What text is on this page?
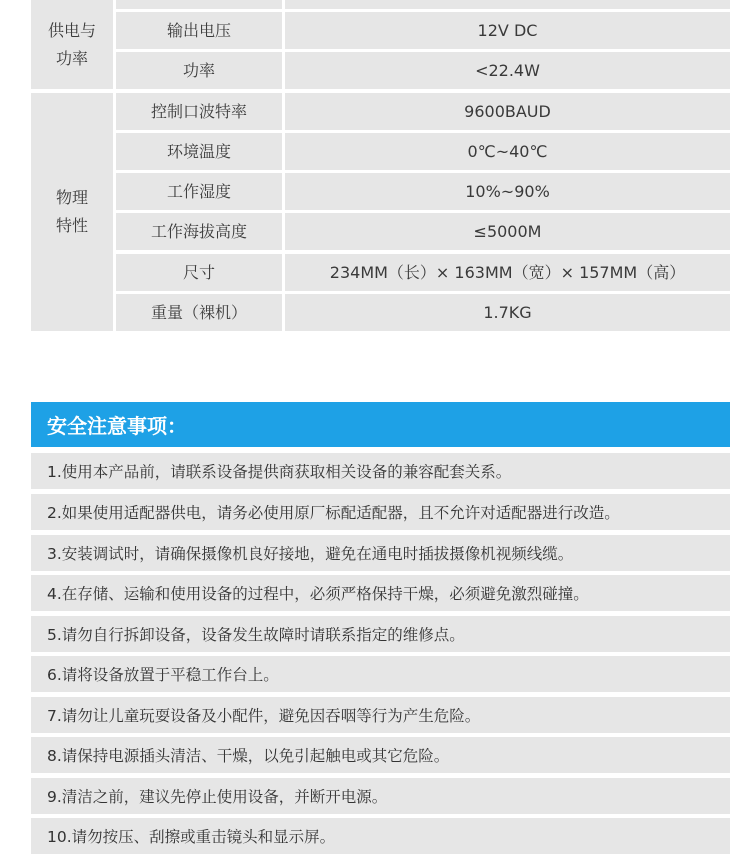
供电与
功率
输出电压	12V DC
功率	<22.4W
物理
特性
控制口波特率	9600BAUD
环境温度	0℃~40℃
工作湿度	10%~90%
工作海拔高度	≤5000M
尺寸	234MM（长）× 163MM（宽）× 157MM（高）
重量（裸机）	1.7KG
安全注意事项：
1.使用本产品前，请联系设备提供商获取相关设备的兼容配套关系。
2.如果使用适配器供电，请务必使用原厂标配适配器，且不允许对适配器进行改造。
3.安装调试时，请确保摄像机良好接地，避免在通电时插拔摄像机视频线缆。
4.在存储、运输和使用设备的过程中，必须严格保持干燥，必须避免激烈碰撞。
5.请勿自行拆卸设备，设备发生故障时请联系指定的维修点。
6.请将设备放置于平稳工作台上。
7.请勿让儿童玩耍设备及小配件，避免因吞咽等行为产生危险。
8.请保持电源插头清洁、干燥，以免引起触电或其它危险。
9.清洁之前，建议先停止使用设备，并断开电源。
10.请勿按压、刮擦或重击镜头和显示屏。
